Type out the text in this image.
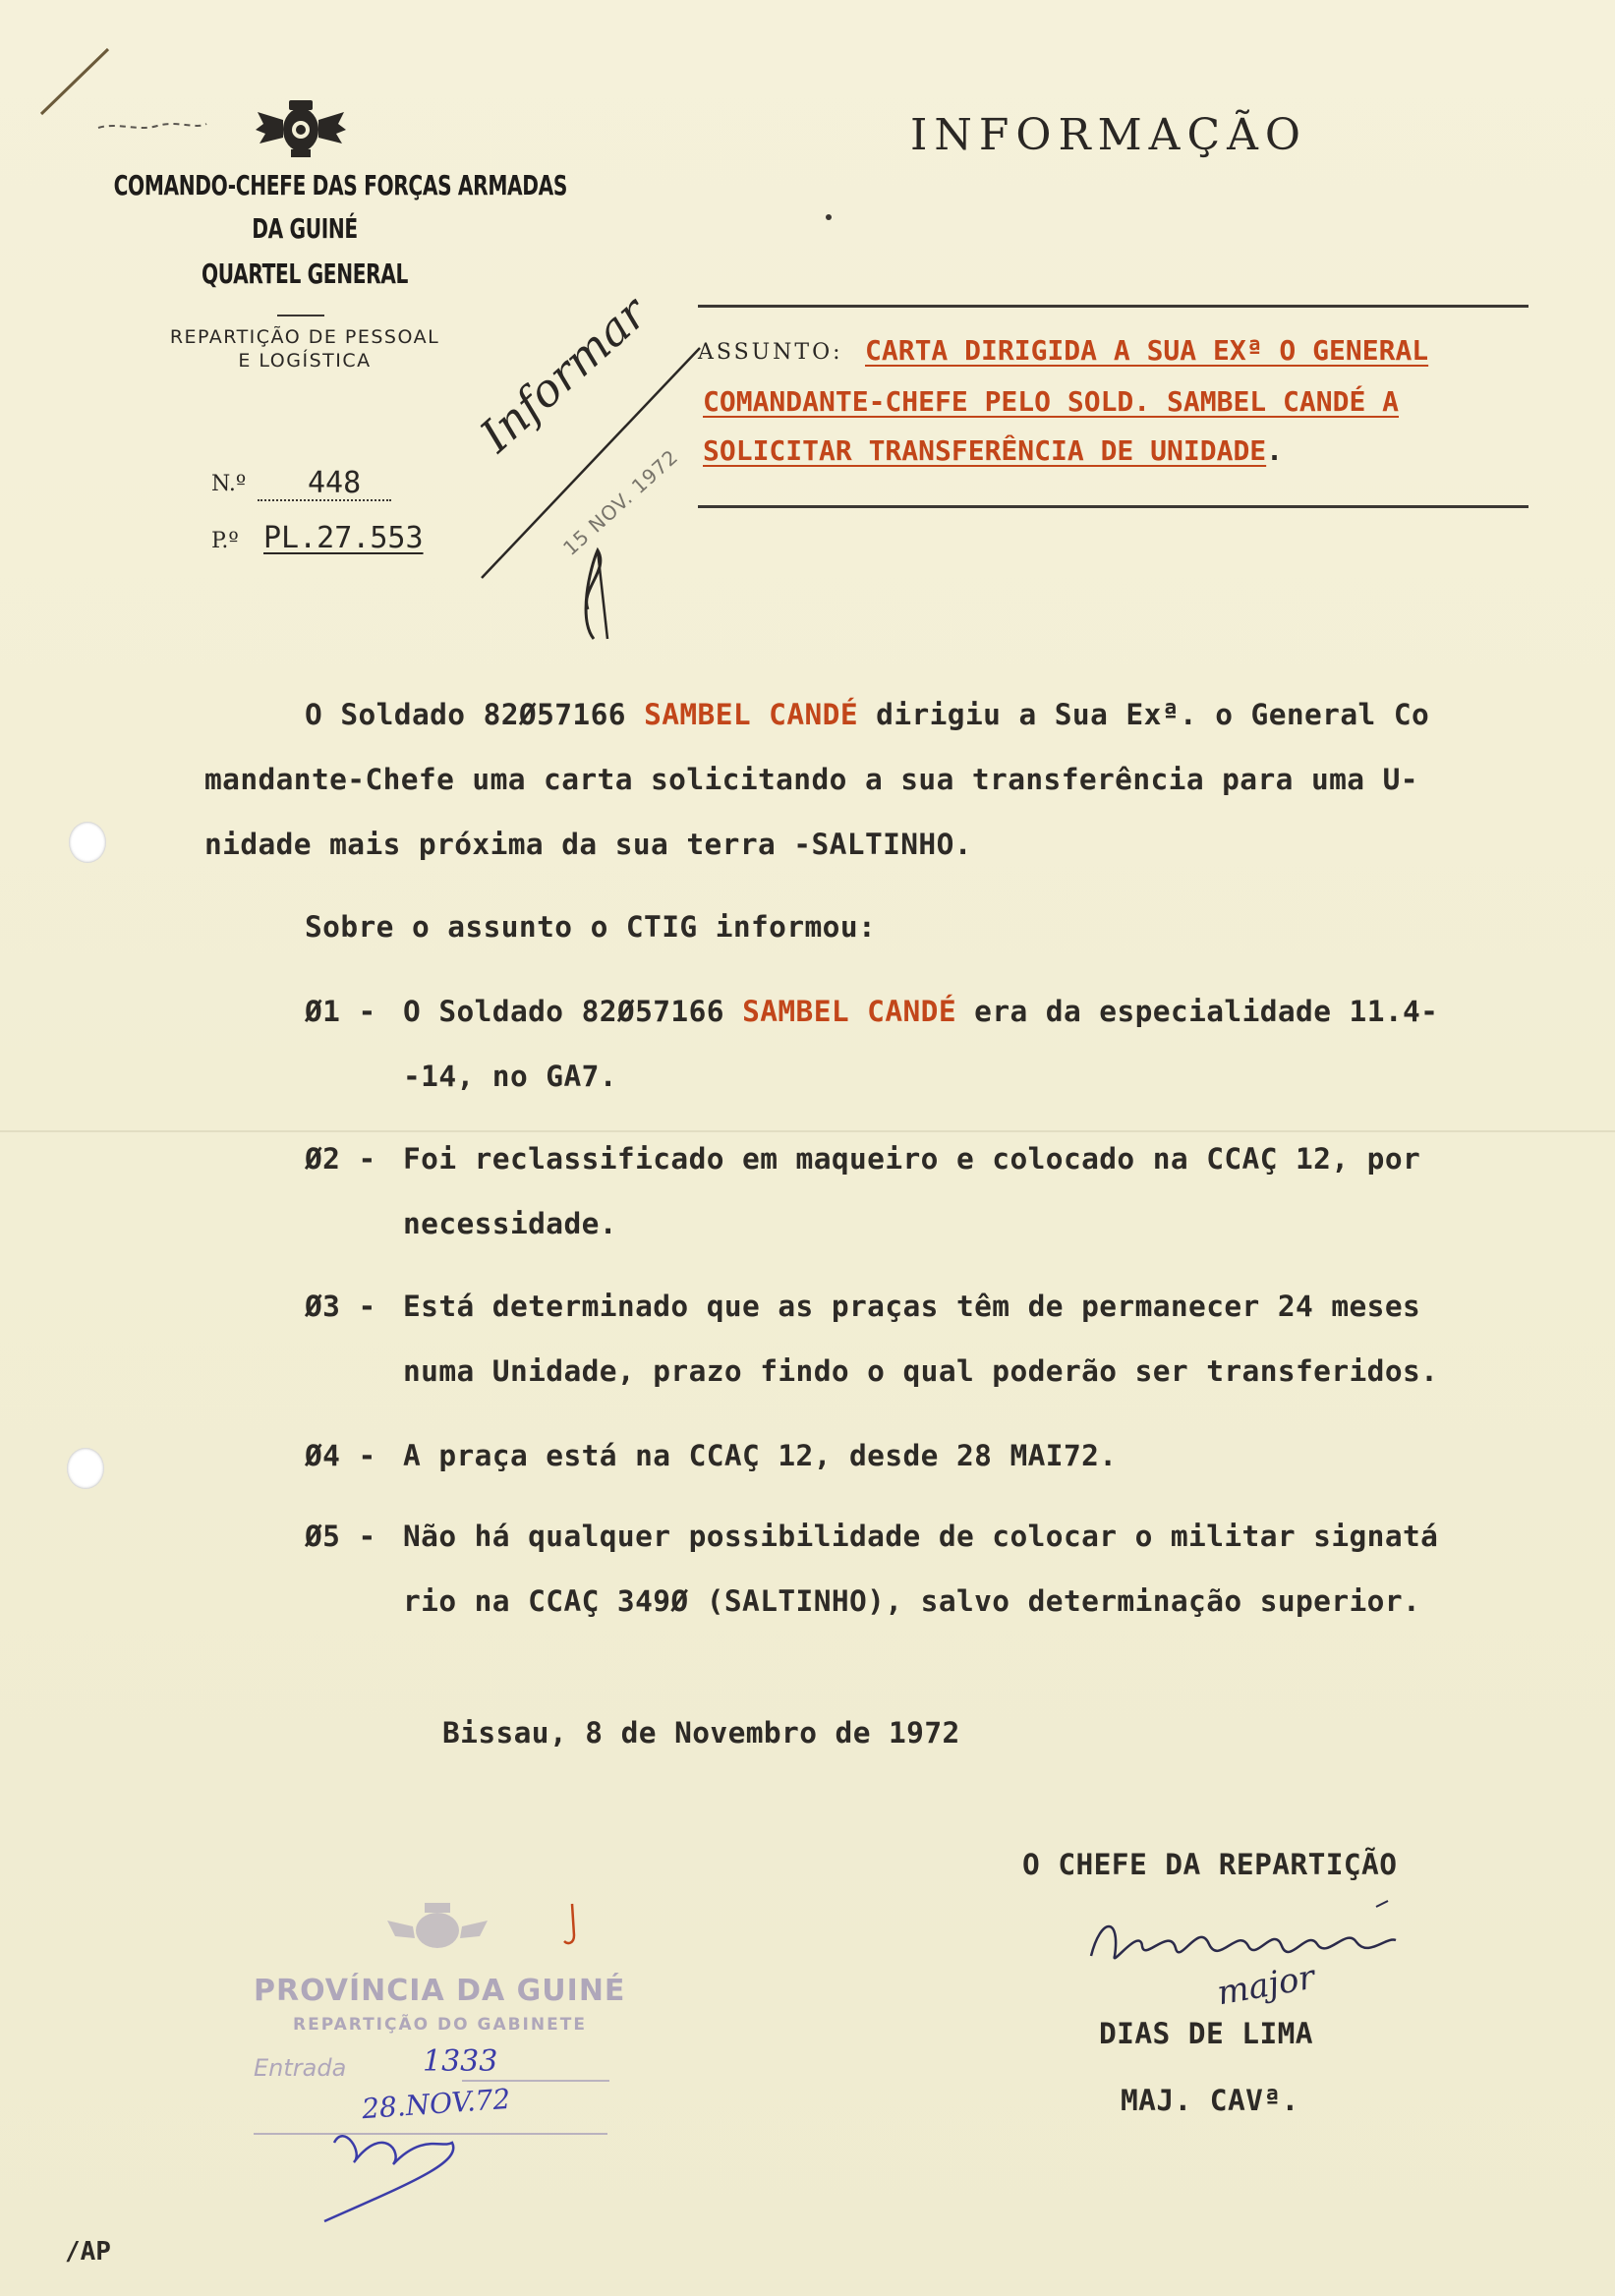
COMANDO-CHEFE DAS FORÇAS ARMADAS
DA GUINÉ
QUARTEL GENERAL
REPARTIÇÃO DE PESSOAL
E LOGÍSTICA
INFORMAÇÃO
N.º 448
P.º PL.27.553
ASSUNTO: CARTA DIRIGIDA A SUA EXª O GENERAL
COMANDANTE-CHEFE PELO SOLD. SAMBEL CANDÉ A
SOLICITAR TRANSFERÊNCIA DE UNIDADE.
Informar
15 NOV. 1972
O Soldado 82Ø57166 SAMBEL CANDÉ dirigiu a Sua Exª. o General Co
mandante-Chefe uma carta solicitando a sua transferência para uma U-
nidade mais próxima da sua terra -SALTINHO.
Sobre o assunto o CTIG informou:
Ø1 - O Soldado 82Ø57166 SAMBEL CANDÉ era da especialidade 11.4-
-14, no GA7.
Ø2 - Foi reclassificado em maqueiro e colocado na CCAÇ 12, por
necessidade.
Ø3 - Está determinado que as praças têm de permanecer 24 meses
numa Unidade, prazo findo o qual poderão ser transferidos.
Ø4 - A praça está na CCAÇ 12, desde 28 MAI72.
Ø5 - Não há qualquer possibilidade de colocar o militar signatá
rio na CCAÇ 349Ø (SALTINHO), salvo determinação superior.
Bissau, 8 de Novembro de 1972
O CHEFE DA REPARTIÇÃO
major
DIAS DE LIMA
MAJ. CAVª.
PROVÍNCIA DA GUINÉ
REPARTIÇÃO DO GABINETE
Entrada	1333
28.NOV.72
/AP
